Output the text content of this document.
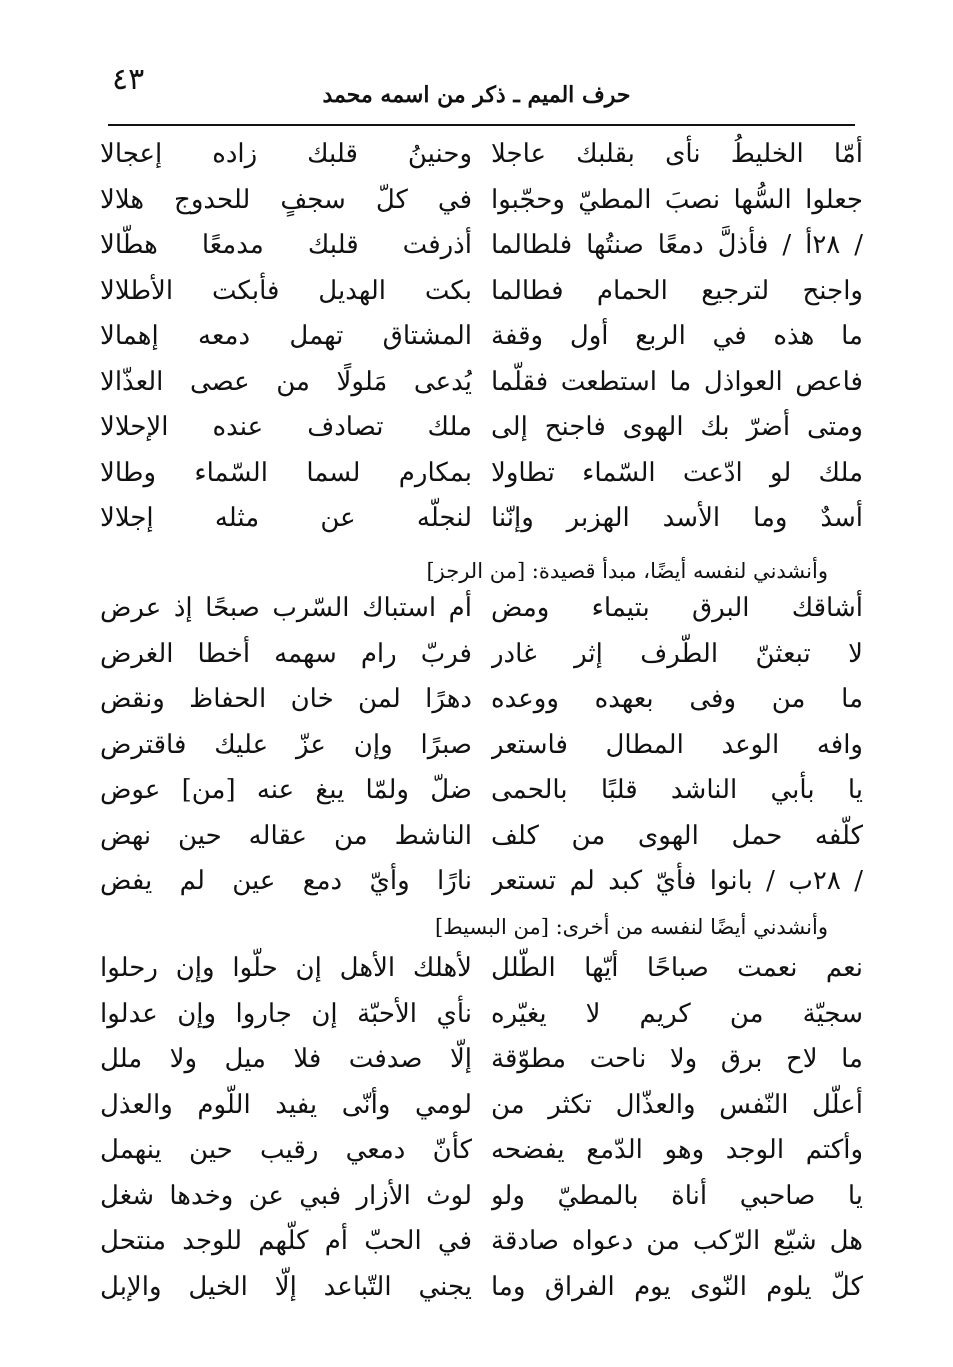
٤٣	حرف الميم ـ ذكر من اسمه محمد
أمّا الخليطُ نأى بقلبك عاجلا
وحنينُ قلبك زاده إعجالا
جعلوا السُّها نصبَ المطيّ وحجّبوا
في كلّ سجفٍ للحدوج هلالا
/ ٢٨أ / فأذلَّ دمعًا صنتُها فلطالما
أذرفت قلبك مدمعًا هطّالا
واجنح لترجيع الحمام فطالما
بكت الهديل فأبكت الأطلالا
ما هذه في الربع أول وقفة
المشتاق تهمل دمعه إهمالا
فاعص العواذل ما استطعت فقلّما
يُدعى مَلولًا من عصى العذّالا
ومتى أضرّ بك الهوى فاجنح إلى
ملك تصادف عنده الإحلالا
ملك لو ادّعت السّماء تطاولا
بمكارم لسما السّماء وطالا
أسدٌ وما الأسد الهزبر وإنّنا
لنجلّه عن مثله إجلالا
وأنشدني لنفسه أيضًا، مبدأ قصيدة: [من الرجز]
أشاقك البرق بتيماء ومض
أم استباك السّرب صبحًا إذ عرض
لا تبعثنّ الطّرف إثر غادر
فربّ رام سهمه أخطا الغرض
ما من وفى بعهده ووعده
دهرًا لمن خان الحفاظ ونقض
وافه الوعد المطال فاستعر
صبرًا وإن عزّ عليك فاقترض
يا بأبي الناشد قلبًا بالحمى
ضلّ ولمّا يبغ عنه [من] عوض
كلّفه حمل الهوى من كلف
الناشط من عقاله حين نهض
/ ٢٨ب / بانوا فأيّ كبد لم تستعر
نارًا وأيّ دمع عين لم يفض
وأنشدني أيضًا لنفسه من أخرى: [من البسيط]
نعم نعمت صباحًا أيّها الطّلل
لأهلك الأهل إن حلّوا وإن رحلوا
سجيّة من كريم لا يغيّره
نأي الأحبّة إن جاروا وإن عدلوا
ما لاح برق ولا ناحت مطوّقة
إلّا صدفت فلا ميل ولا ملل
أعلّل النّفس والعذّال تكثر من
لومي وأنّى يفيد اللّوم والعذل
وأكتم الوجد وهو الدّمع يفضحه
كأنّ دمعي رقيب حين ينهمل
يا صاحبي أناة بالمطيّ ولو
لوث الأزار فبي عن وخدها شغل
هل شيّع الرّكب من دعواه صادقة
في الحبّ أم كلّهم للوجد منتحل
كلّ يلوم النّوى يوم الفراق وما
يجني التّباعد إلّا الخيل والإبل
